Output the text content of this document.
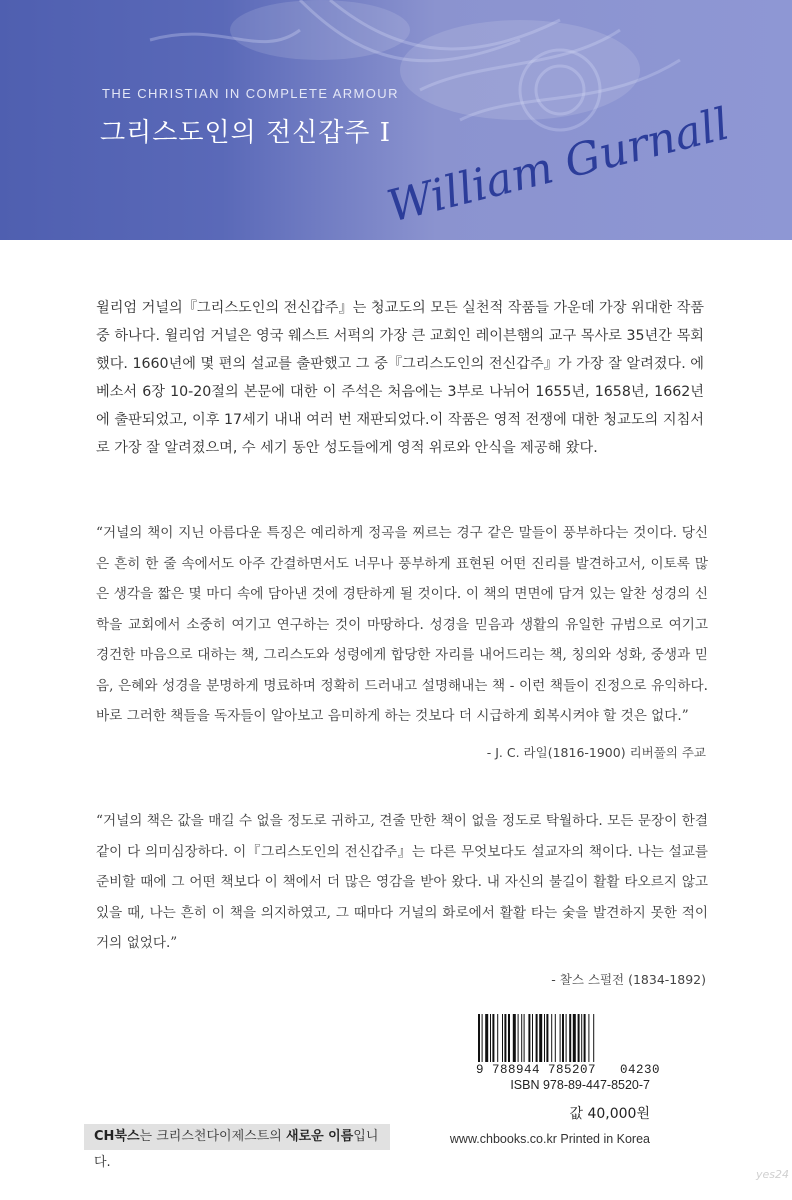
THE CHRISTIAN IN COMPLETE ARMOUR
그리스도인의 전신갑주 I
William Gurnall
윌리엄 거널의『그리스도인의 전신갑주』는 청교도의 모든 실천적 작품들 가운데 가장 위대한 작품 중 하나다. 윌리엄 거널은 영국 웨스트 서퍽의 가장 큰 교회인 레이븐햄의 교구 목사로 35년간 목회했다. 1660년에 몇 편의 설교를 출판했고 그 중『그리스도인의 전신갑주』가 가장 잘 알려졌다. 에베소서 6장 10-20절의 본문에 대한 이 주석은 처음에는 3부로 나뉘어 1655년, 1658년, 1662년에 출판되었고, 이후 17세기 내내 여러 번 재판되었다.이 작품은 영적 전쟁에 대한 청교도의 지침서로 가장 잘 알려졌으며, 수 세기 동안 성도들에게 영적 위로와 안식을 제공해 왔다.
“거널의 책이 지닌 아름다운 특징은 예리하게 정곡을 찌르는 경구 같은 말들이 풍부하다는 것이다. 당신은 흔히 한 줄 속에서도 아주 간결하면서도 너무나 풍부하게 표현된 어떤 진리를 발견하고서, 이토록 많은 생각을 짧은 몇 마디 속에 담아낸 것에 경탄하게 될 것이다. 이 책의 면면에 담겨 있는 알찬 성경의 신학을 교회에서 소중히 여기고 연구하는 것이 마땅하다. 성경을 믿음과 생활의 유일한 규범으로 여기고 경건한 마음으로 대하는 책, 그리스도와 성령에게 합당한 자리를 내어드리는 책, 칭의와 성화, 중생과 믿음, 은혜와 성경을 분명하게 명료하며 정확히 드러내고 설명해내는 책 - 이런 책들이 진정으로 유익하다. 바로 그러한 책들을 독자들이 알아보고 음미하게 하는 것보다 더 시급하게 회복시켜야 할 것은 없다.”
- J. C. 라일(1816-1900) 리버풀의 주교
“거널의 책은 값을 매길 수 없을 정도로 귀하고, 견줄 만한 책이 없을 정도로 탁월하다. 모든 문장이 한결같이 다 의미심장하다. 이『그리스도인의 전신갑주』는 다른 무엇보다도 설교자의 책이다. 나는 설교를 준비할 때에 그 어떤 책보다 이 책에서 더 많은 영감을 받아 왔다. 내 자신의 불길이 활활 타오르지 않고 있을 때, 나는 흔히 이 책을 의지하였고, 그 때마다 거널의 화로에서 활활 타는 숯을 발견하지 못한 적이 거의 없었다.”
- 찰스 스펄전 (1834-1892)
9 788944 785207   04230
ISBN 978-89-447-8520-7
값 40,000원
CH북스는 크리스천다이제스트의 새로운 이름입니다.
www.chbooks.co.kr Printed in Korea
yes24
